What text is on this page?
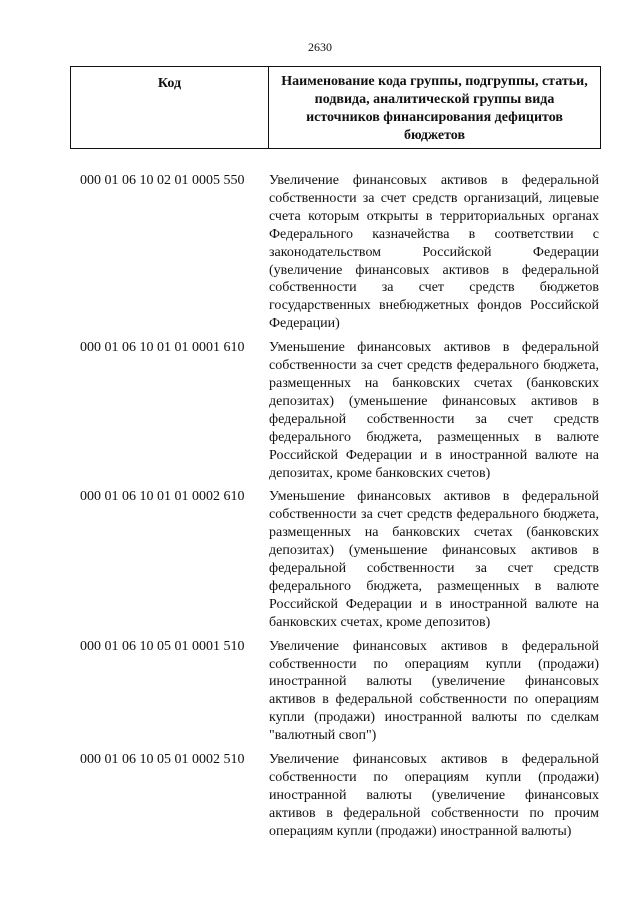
2630
Код	Наименование кода группы, подгруппы, статьи, подвида, аналитической группы вида источников финансирования дефицитов бюджетов
000 01 06 10 02 01 0005 550	Увеличение финансовых активов в федеральной собственности за счет средств организаций, лицевые счета которым открыты в территориальных органах Федерального казначейства в соответствии с законодательством Российской Федерации (увеличение финансовых активов в федеральной собственности за счет средств бюджетов государственных внебюджетных фондов Российской Федерации)
000 01 06 10 01 01 0001 610	Уменьшение финансовых активов в федеральной собственности за счет средств федерального бюджета, размещенных на банковских счетах (банковских депозитах) (уменьшение финансовых активов в федеральной собственности за счет средств федерального бюджета, размещенных в валюте Российской Федерации и в иностранной валюте на депозитах, кроме банковских счетов)
000 01 06 10 01 01 0002 610	Уменьшение финансовых активов в федеральной собственности за счет средств федерального бюджета, размещенных на банковских счетах (банковских депозитах) (уменьшение финансовых активов в федеральной собственности за счет средств федерального бюджета, размещенных в валюте Российской Федерации и в иностранной валюте на банковских счетах, кроме депозитов)
000 01 06 10 05 01 0001 510	Увеличение финансовых активов в федеральной собственности по операциям купли (продажи) иностранной валюты (увеличение финансовых активов в федеральной собственности по операциям купли (продажи) иностранной валюты по сделкам "валютный своп")
000 01 06 10 05 01 0002 510	Увеличение финансовых активов в федеральной собственности по операциям купли (продажи) иностранной валюты (увеличение финансовых активов в федеральной собственности по прочим операциям купли (продажи) иностранной валюты)
